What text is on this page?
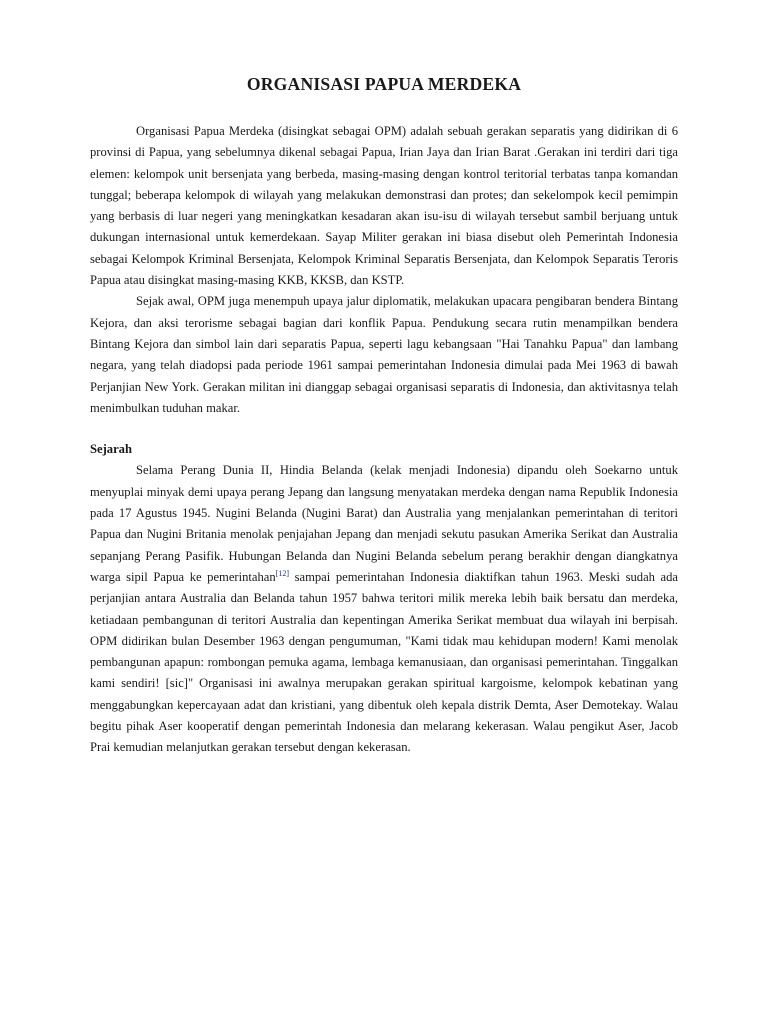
ORGANISASI PAPUA MERDEKA

Organisasi Papua Merdeka (disingkat sebagai OPM) adalah sebuah gerakan separatis yang didirikan di 6 provinsi di Papua, yang sebelumnya dikenal sebagai Papua, Irian Jaya dan Irian Barat .Gerakan ini terdiri dari tiga elemen: kelompok unit bersenjata yang berbeda, masing-masing dengan kontrol teritorial terbatas tanpa komandan tunggal; beberapa kelompok di wilayah yang melakukan demonstrasi dan protes; dan sekelompok kecil pemimpin yang berbasis di luar negeri yang meningkatkan kesadaran akan isu-isu di wilayah tersebut sambil berjuang untuk dukungan internasional untuk kemerdekaan. Sayap Militer gerakan ini biasa disebut oleh Pemerintah Indonesia sebagai Kelompok Kriminal Bersenjata, Kelompok Kriminal Separatis Bersenjata, dan Kelompok Separatis Teroris Papua atau disingkat masing-masing KKB, KKSB, dan KSTP.

Sejak awal, OPM juga menempuh upaya jalur diplomatik, melakukan upacara pengibaran bendera Bintang Kejora, dan aksi terorisme sebagai bagian dari konflik Papua. Pendukung secara rutin menampilkan bendera Bintang Kejora dan simbol lain dari separatis Papua, seperti lagu kebangsaan "Hai Tanahku Papua" dan lambang negara, yang telah diadopsi pada periode 1961 sampai pemerintahan Indonesia dimulai pada Mei 1963 di bawah Perjanjian New York. Gerakan militan ini dianggap sebagai organisasi separatis di Indonesia, dan aktivitasnya telah menimbulkan tuduhan makar.

Sejarah

Selama Perang Dunia II, Hindia Belanda (kelak menjadi Indonesia) dipandu oleh Soekarno untuk menyuplai minyak demi upaya perang Jepang dan langsung menyatakan merdeka dengan nama Republik Indonesia pada 17 Agustus 1945. Nugini Belanda (Nugini Barat) dan Australia yang menjalankan pemerintahan di teritori Papua dan Nugini Britania menolak penjajahan Jepang dan menjadi sekutu pasukan Amerika Serikat dan Australia sepanjang Perang Pasifik. Hubungan Belanda dan Nugini Belanda sebelum perang berakhir dengan diangkatnya warga sipil Papua ke pemerintahan[12] sampai pemerintahan Indonesia diaktifkan tahun 1963. Meski sudah ada perjanjian antara Australia dan Belanda tahun 1957 bahwa teritori milik mereka lebih baik bersatu dan merdeka, ketiadaan pembangunan di teritori Australia dan kepentingan Amerika Serikat membuat dua wilayah ini berpisah. OPM didirikan bulan Desember 1963 dengan pengumuman, "Kami tidak mau kehidupan modern! Kami menolak pembangunan apapun: rombongan pemuka agama, lembaga kemanusiaan, dan organisasi pemerintahan. Tinggalkan kami sendiri! [sic]" Organisasi ini awalnya merupakan gerakan spiritual kargoisme, kelompok kebatinan yang menggabungkan kepercayaan adat dan kristiani, yang dibentuk oleh kepala distrik Demta, Aser Demotekay. Walau begitu pihak Aser kooperatif dengan pemerintah Indonesia dan melarang kekerasan. Walau pengikut Aser, Jacob Prai kemudian melanjutkan gerakan tersebut dengan kekerasan.
